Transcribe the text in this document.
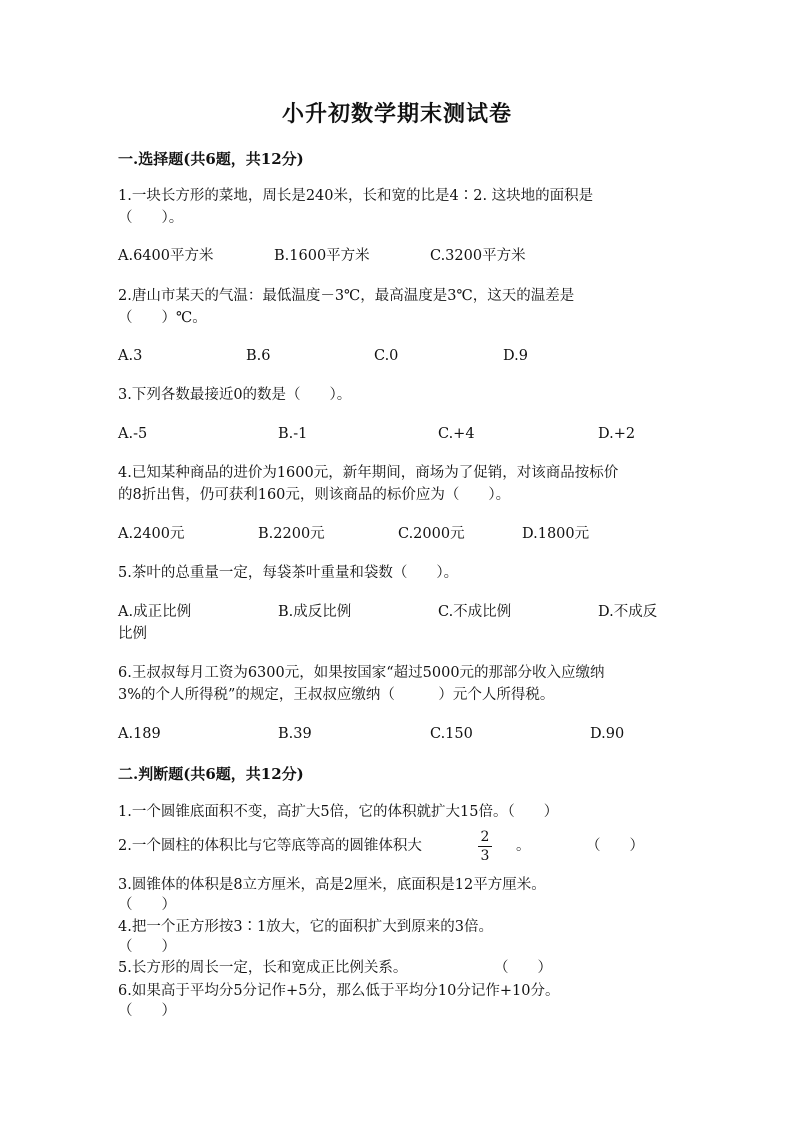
小升初数学期末测试卷
一.选择题(共6题，共12分)
1.一块长方形的菜地，周长是240米，长和宽的比是4∶2. 这块地的面积是
（　　）。
A.6400平方米	B.1600平方米	C.3200平方米
2.唐山市某天的气温：最低温度－3℃，最高温度是3℃，这天的温差是
（　　）℃。
A.3	B.6	C.0	D.9
3.下列各数最接近0的数是（　　）。
A.-5	B.-1	C.+4	D.+2
4.已知某种商品的进价为1600元，新年期间，商场为了促销，对该商品按标价
的8折出售，仍可获利160元，则该商品的标价应为（　　）。
A.2400元	B.2200元	C.2000元	D.1800元
5.茶叶的总重量一定，每袋茶叶重量和袋数（　　）。
A.成正比例	B.成反比例	C.不成比例	D.不成反
比例
6.王叔叔每月工资为6300元，如果按国家“超过5000元的那部分收入应缴纳
3%的个人所得税”的规定，王叔叔应缴纳（　　　）元个人所得税。
A.189	B.39	C.150	D.90
二.判断题(共6题，共12分)
1.一个圆锥底面积不变，高扩大5倍，它的体积就扩大15倍。（　　）
2.一个圆柱的体积比与它等底等高的圆锥体积大
2
3
。	（　　）
3.圆锥体的体积是8立方厘米，高是2厘米，底面积是12平方厘米。
（　　）
4.把一个正方形按3∶1放大，它的面积扩大到原来的3倍。
（　　）
5.长方形的周长一定，长和宽成正比例关系。	（　　）
6.如果高于平均分5分记作+5分，那么低于平均分10分记作+10分。
（　　）
